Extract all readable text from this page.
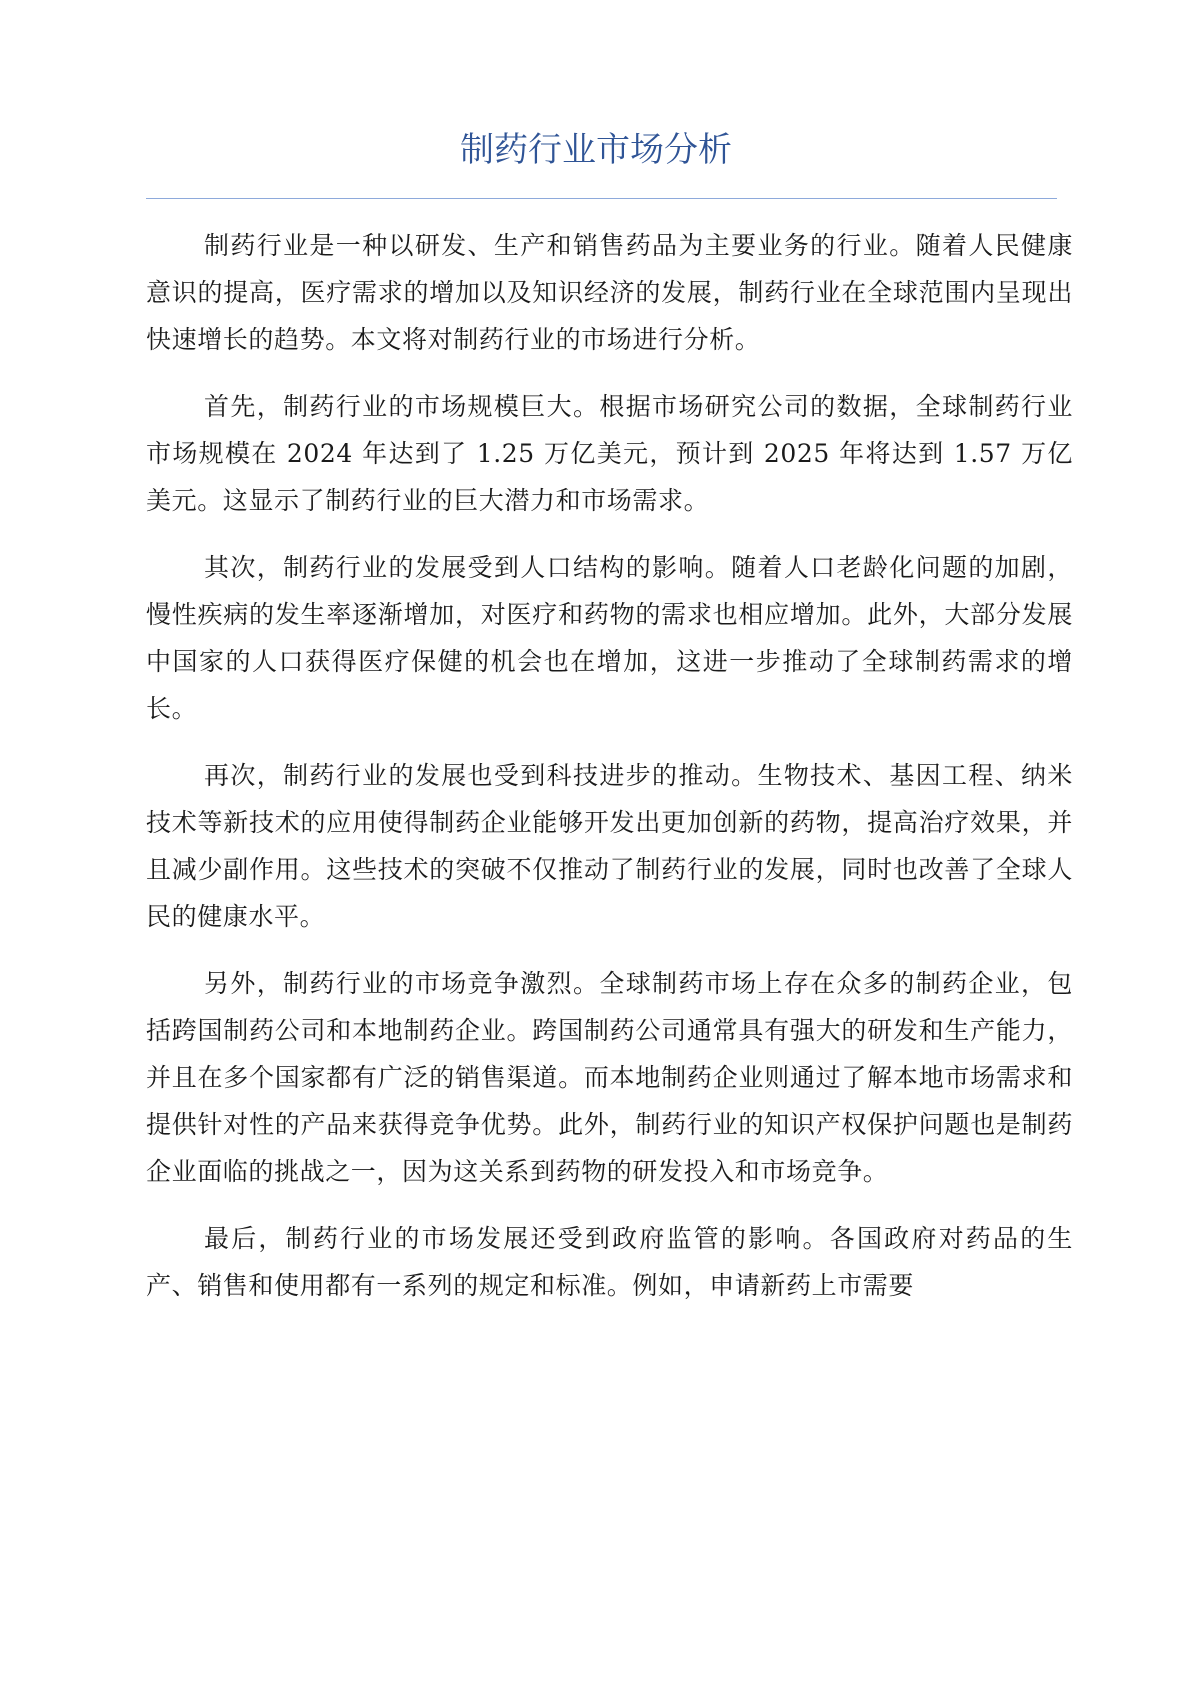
制药行业市场分析

制药行业是一种以研发、生产和销售药品为主要业务的行业。随着人民健康意识的提高，医疗需求的增加以及知识经济的发展，制药行业在全球范围内呈现出快速增长的趋势。本文将对制药行业的市场进行分析。

首先，制药行业的市场规模巨大。根据市场研究公司的数据，全球制药行业市场规模在 2024 年达到了 1.25 万亿美元，预计到 2025 年将达到 1.57 万亿美元。这显示了制药行业的巨大潜力和市场需求。

其次，制药行业的发展受到人口结构的影响。随着人口老龄化问题的加剧，慢性疾病的发生率逐渐增加，对医疗和药物的需求也相应增加。此外，大部分发展中国家的人口获得医疗保健的机会也在增加，这进一步推动了全球制药需求的增长。

再次，制药行业的发展也受到科技进步的推动。生物技术、基因工程、纳米技术等新技术的应用使得制药企业能够开发出更加创新的药物，提高治疗效果，并且减少副作用。这些技术的突破不仅推动了制药行业的发展，同时也改善了全球人民的健康水平。

另外，制药行业的市场竞争激烈。全球制药市场上存在众多的制药企业，包括跨国制药公司和本地制药企业。跨国制药公司通常具有强大的研发和生产能力，并且在多个国家都有广泛的销售渠道。而本地制药企业则通过了解本地市场需求和提供针对性的产品来获得竞争优势。此外，制药行业的知识产权保护问题也是制药企业面临的挑战之一，因为这关系到药物的研发投入和市场竞争。

最后，制药行业的市场发展还受到政府监管的影响。各国政府对药品的生产、销售和使用都有一系列的规定和标准。例如，申请新药上市需要
